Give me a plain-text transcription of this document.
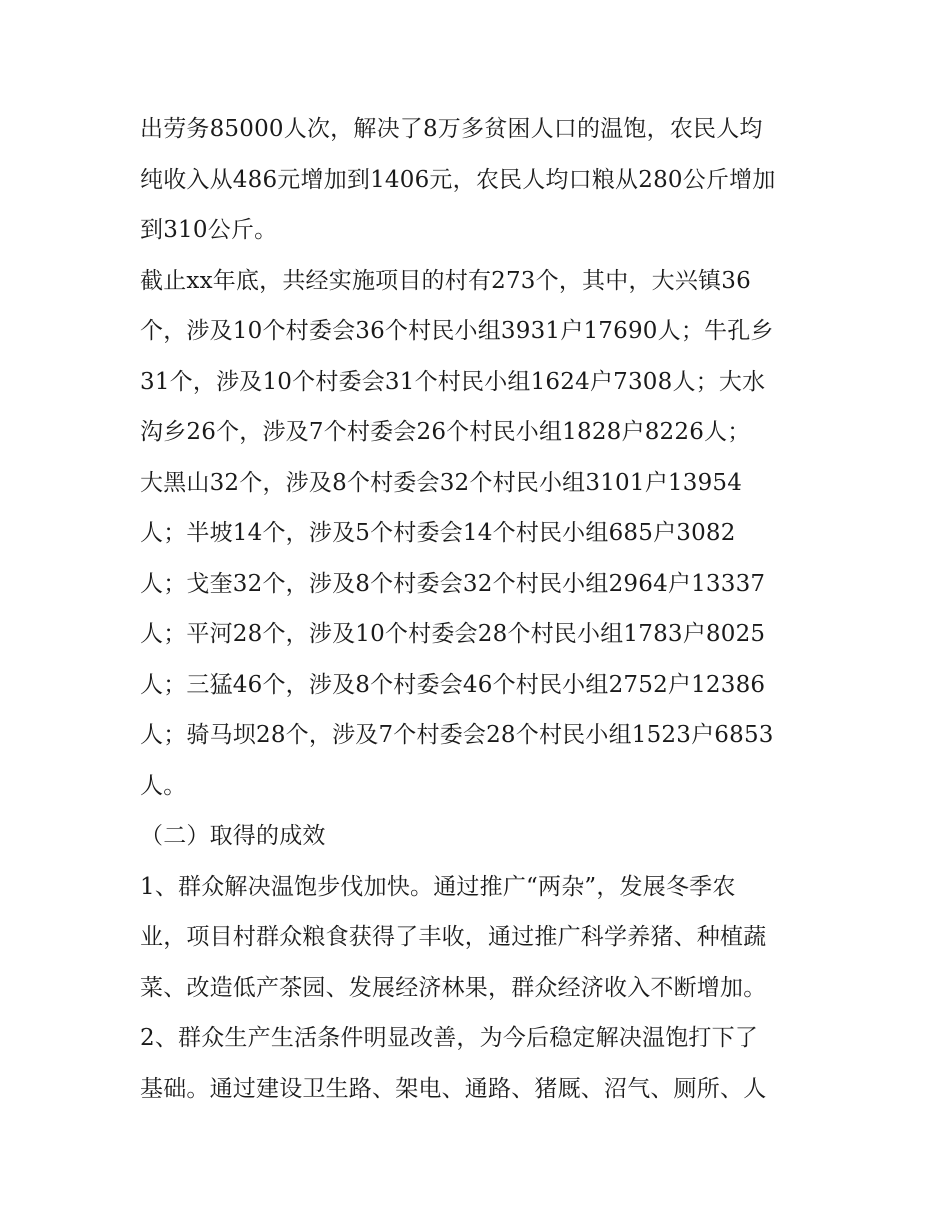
出劳务85000人次，解决了8万多贫困人口的温饱，农民人均
纯收入从486元增加到1406元，农民人均口粮从280公斤增加
到310公斤。
截止xx年底，共经实施项目的村有273个，其中，大兴镇36
个，涉及10个村委会36个村民小组3931户17690人；牛孔乡
31个，涉及10个村委会31个村民小组1624户7308人；大水
沟乡26个，涉及7个村委会26个村民小组1828户8226人；
大黑山32个，涉及8个村委会32个村民小组3101户13954
人；半坡14个，涉及5个村委会14个村民小组685户3082
人；戈奎32个，涉及8个村委会32个村民小组2964户13337
人；平河28个，涉及10个村委会28个村民小组1783户8025
人；三猛46个，涉及8个村委会46个村民小组2752户12386
人；骑马坝28个，涉及7个村委会28个村民小组1523户6853
人。
（二）取得的成效
1、群众解决温饱步伐加快。通过推广“两杂”，发展冬季农
业，项目村群众粮食获得了丰收，通过推广科学养猪、种植蔬
菜、改造低产茶园、发展经济林果，群众经济收入不断增加。
2、群众生产生活条件明显改善，为今后稳定解决温饱打下了
基础。通过建设卫生路、架电、通路、猪厩、沼气、厕所、人
